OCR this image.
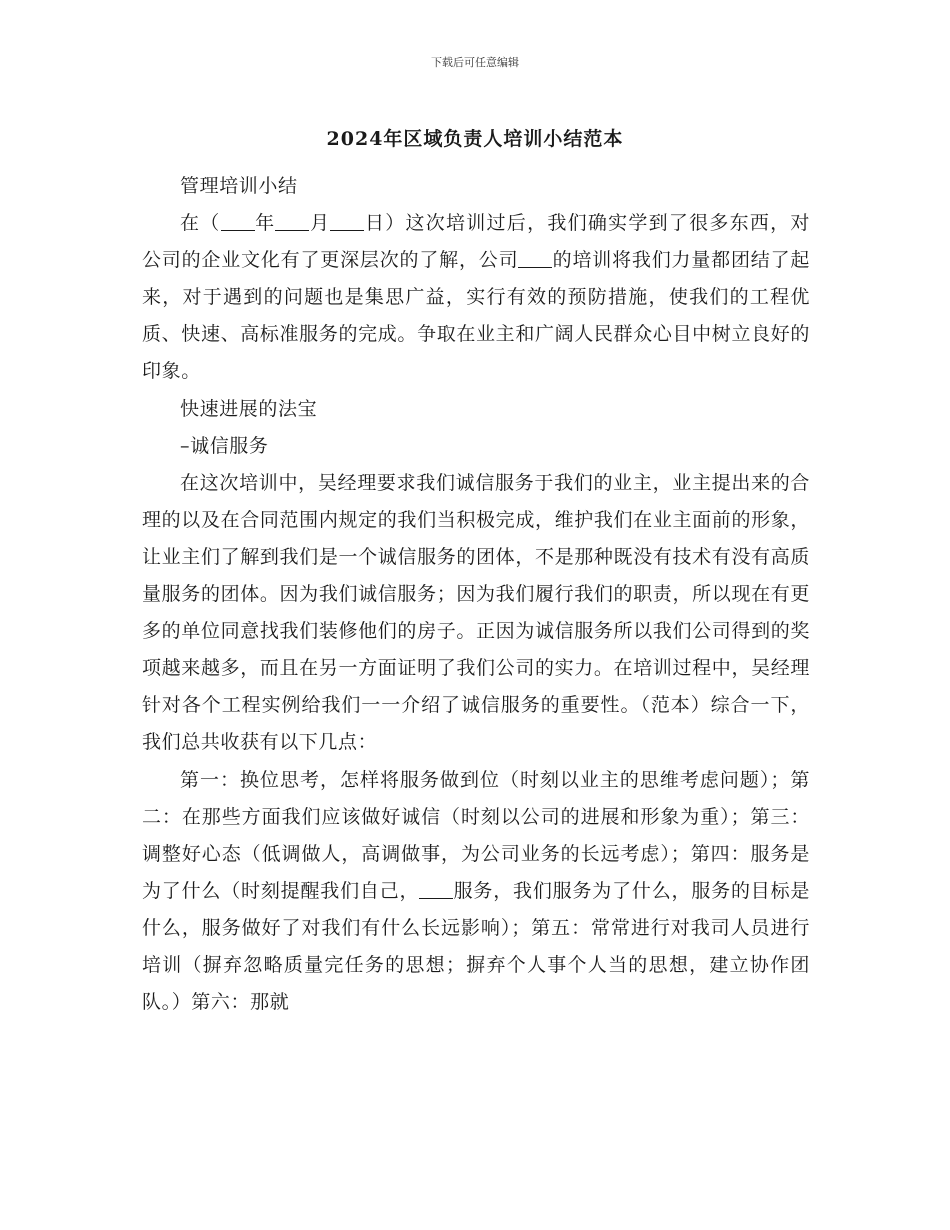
下载后可任意编辑
2024年区域负责人培训小结范本

管理培训小结

在（ 年 月 日）这次培训过后，我们确实学到了很多东西，对公司的企业文化有了更深层次的了解，公司 的培训将我们力量都团结了起来，对于遇到的问题也是集思广益，实行有效的预防措施，使我们的工程优质、快速、高标准服务的完成。争取在业主和广阔人民群众心目中树立良好的印象。

快速进展的法宝

–诚信服务

在这次培训中，吴经理要求我们诚信服务于我们的业主，业主提出来的合理的以及在合同范围内规定的我们当积极完成，维护我们在业主面前的形象，让业主们了解到我们是一个诚信服务的团体，不是那种既没有技术有没有高质量服务的团体。因为我们诚信服务；因为我们履行我们的职责，所以现在有更多的单位同意找我们装修他们的房子。正因为诚信服务所以我们公司得到的奖项越来越多，而且在另一方面证明了我们公司的实力。在培训过程中，吴经理针对各个工程实例给我们一一介绍了诚信服务的重要性。（范本）综合一下，我们总共收获有以下几点：

第一：换位思考，怎样将服务做到位（时刻以业主的思维考虑问题）；第二：在那些方面我们应该做好诚信（时刻以公司的进展和形象为重）；第三：调整好心态（低调做人，高调做事，为公司业务的长远考虑）；第四：服务是为了什么（时刻提醒我们自己， 服务，我们服务为了什么，服务的目标是什么，服务做好了对我们有什么长远影响）；第五：常常进行对我司人员进行培训（摒弃忽略质量完任务的思想；摒弃个人事个人当的思想，建立协作团队。）第六：那就
